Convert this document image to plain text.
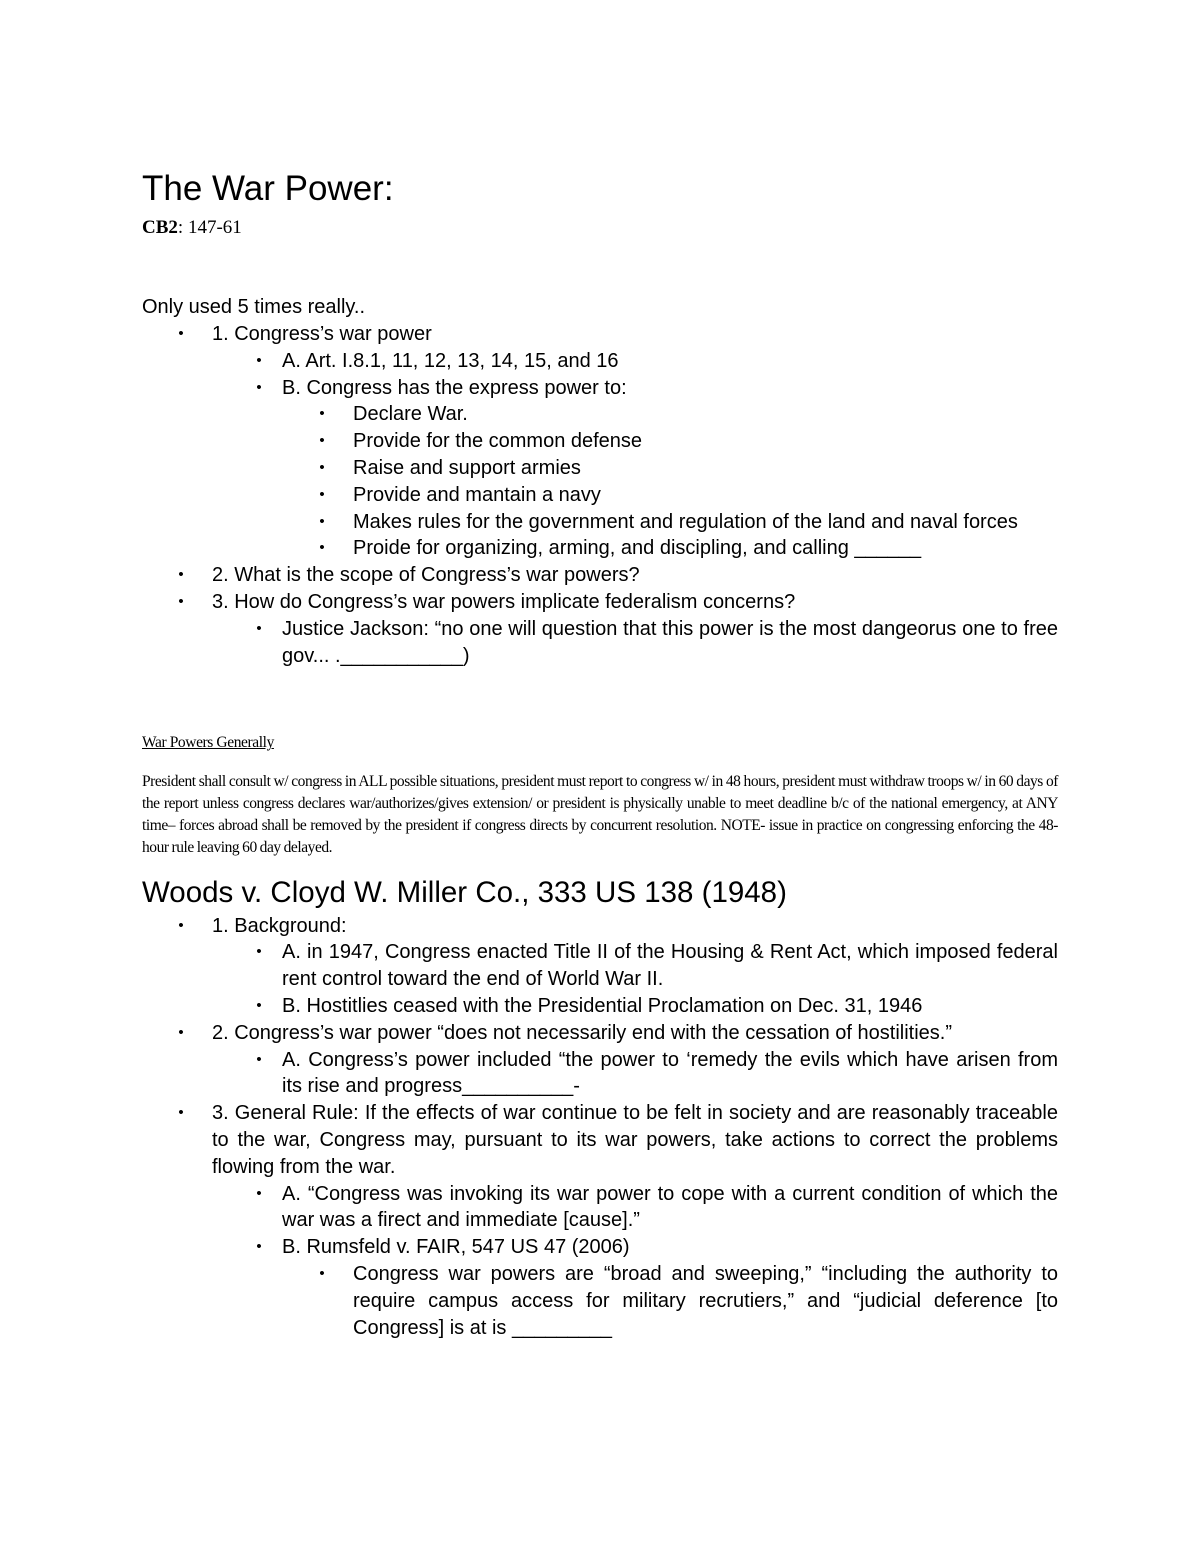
The War Power:

CB2: 147-61

Only used 5 times really..

• 1. Congress’s war power
• A. Art. I.8.1, 11, 12, 13, 14, 15, and 16
• B. Congress has the express power to:
• Declare War.
• Provide for the common defense
• Raise and support armies
• Provide and mantain a navy
• Makes rules for the government and regulation of the land and naval forces
• Proide for organizing, arming, and discipling, and calling ______
• 2. What is the scope of Congress’s war powers?
• 3. How do Congress’s war powers implicate federalism concerns?
• Justice Jackson: “no one will question that this power is the most dangeorus one to free gov... .___________)

War Powers Generally

President shall consult w/ congress in ALL possible situations, president must report to congress w/ in 48 hours, president must withdraw troops w/ in 60 days of the report unless congress declares war/authorizes/gives extension/ or president is physically unable to meet deadline b/c of the national emergency, at ANY time– forces abroad shall be removed by the president if congress directs by concurrent resolution. NOTE- issue in practice on congressing enforcing the 48-hour rule leaving 60 day delayed.

Woods v. Cloyd W. Miller Co., 333 US 138 (1948)
• 1. Background:
• A. in 1947, Congress enacted Title II of the Housing & Rent Act, which imposed federal rent control toward the end of World War II.
• B. Hostitlies ceased with the Presidential Proclamation on Dec. 31, 1946
• 2. Congress’s war power “does not necessarily end with the cessation of hostilities.”
• A. Congress’s power included “the power to ‘remedy the evils which have arisen from its rise and progress__________-
• 3. General Rule: If the effects of war continue to be felt in society and are reasonably traceable to the war, Congress may, pursuant to its war powers, take actions to correct the problems flowing from the war.
• A. “Congress was invoking its war power to cope with a current condition of which the war was a firect and immediate [cause].”
• B. Rumsfeld v. FAIR, 547 US 47 (2006)
• Congress war powers are “broad and sweeping,” “including the authority to require campus access for military recrutiers,” and “judicial deference [to Congress] is at is _________
